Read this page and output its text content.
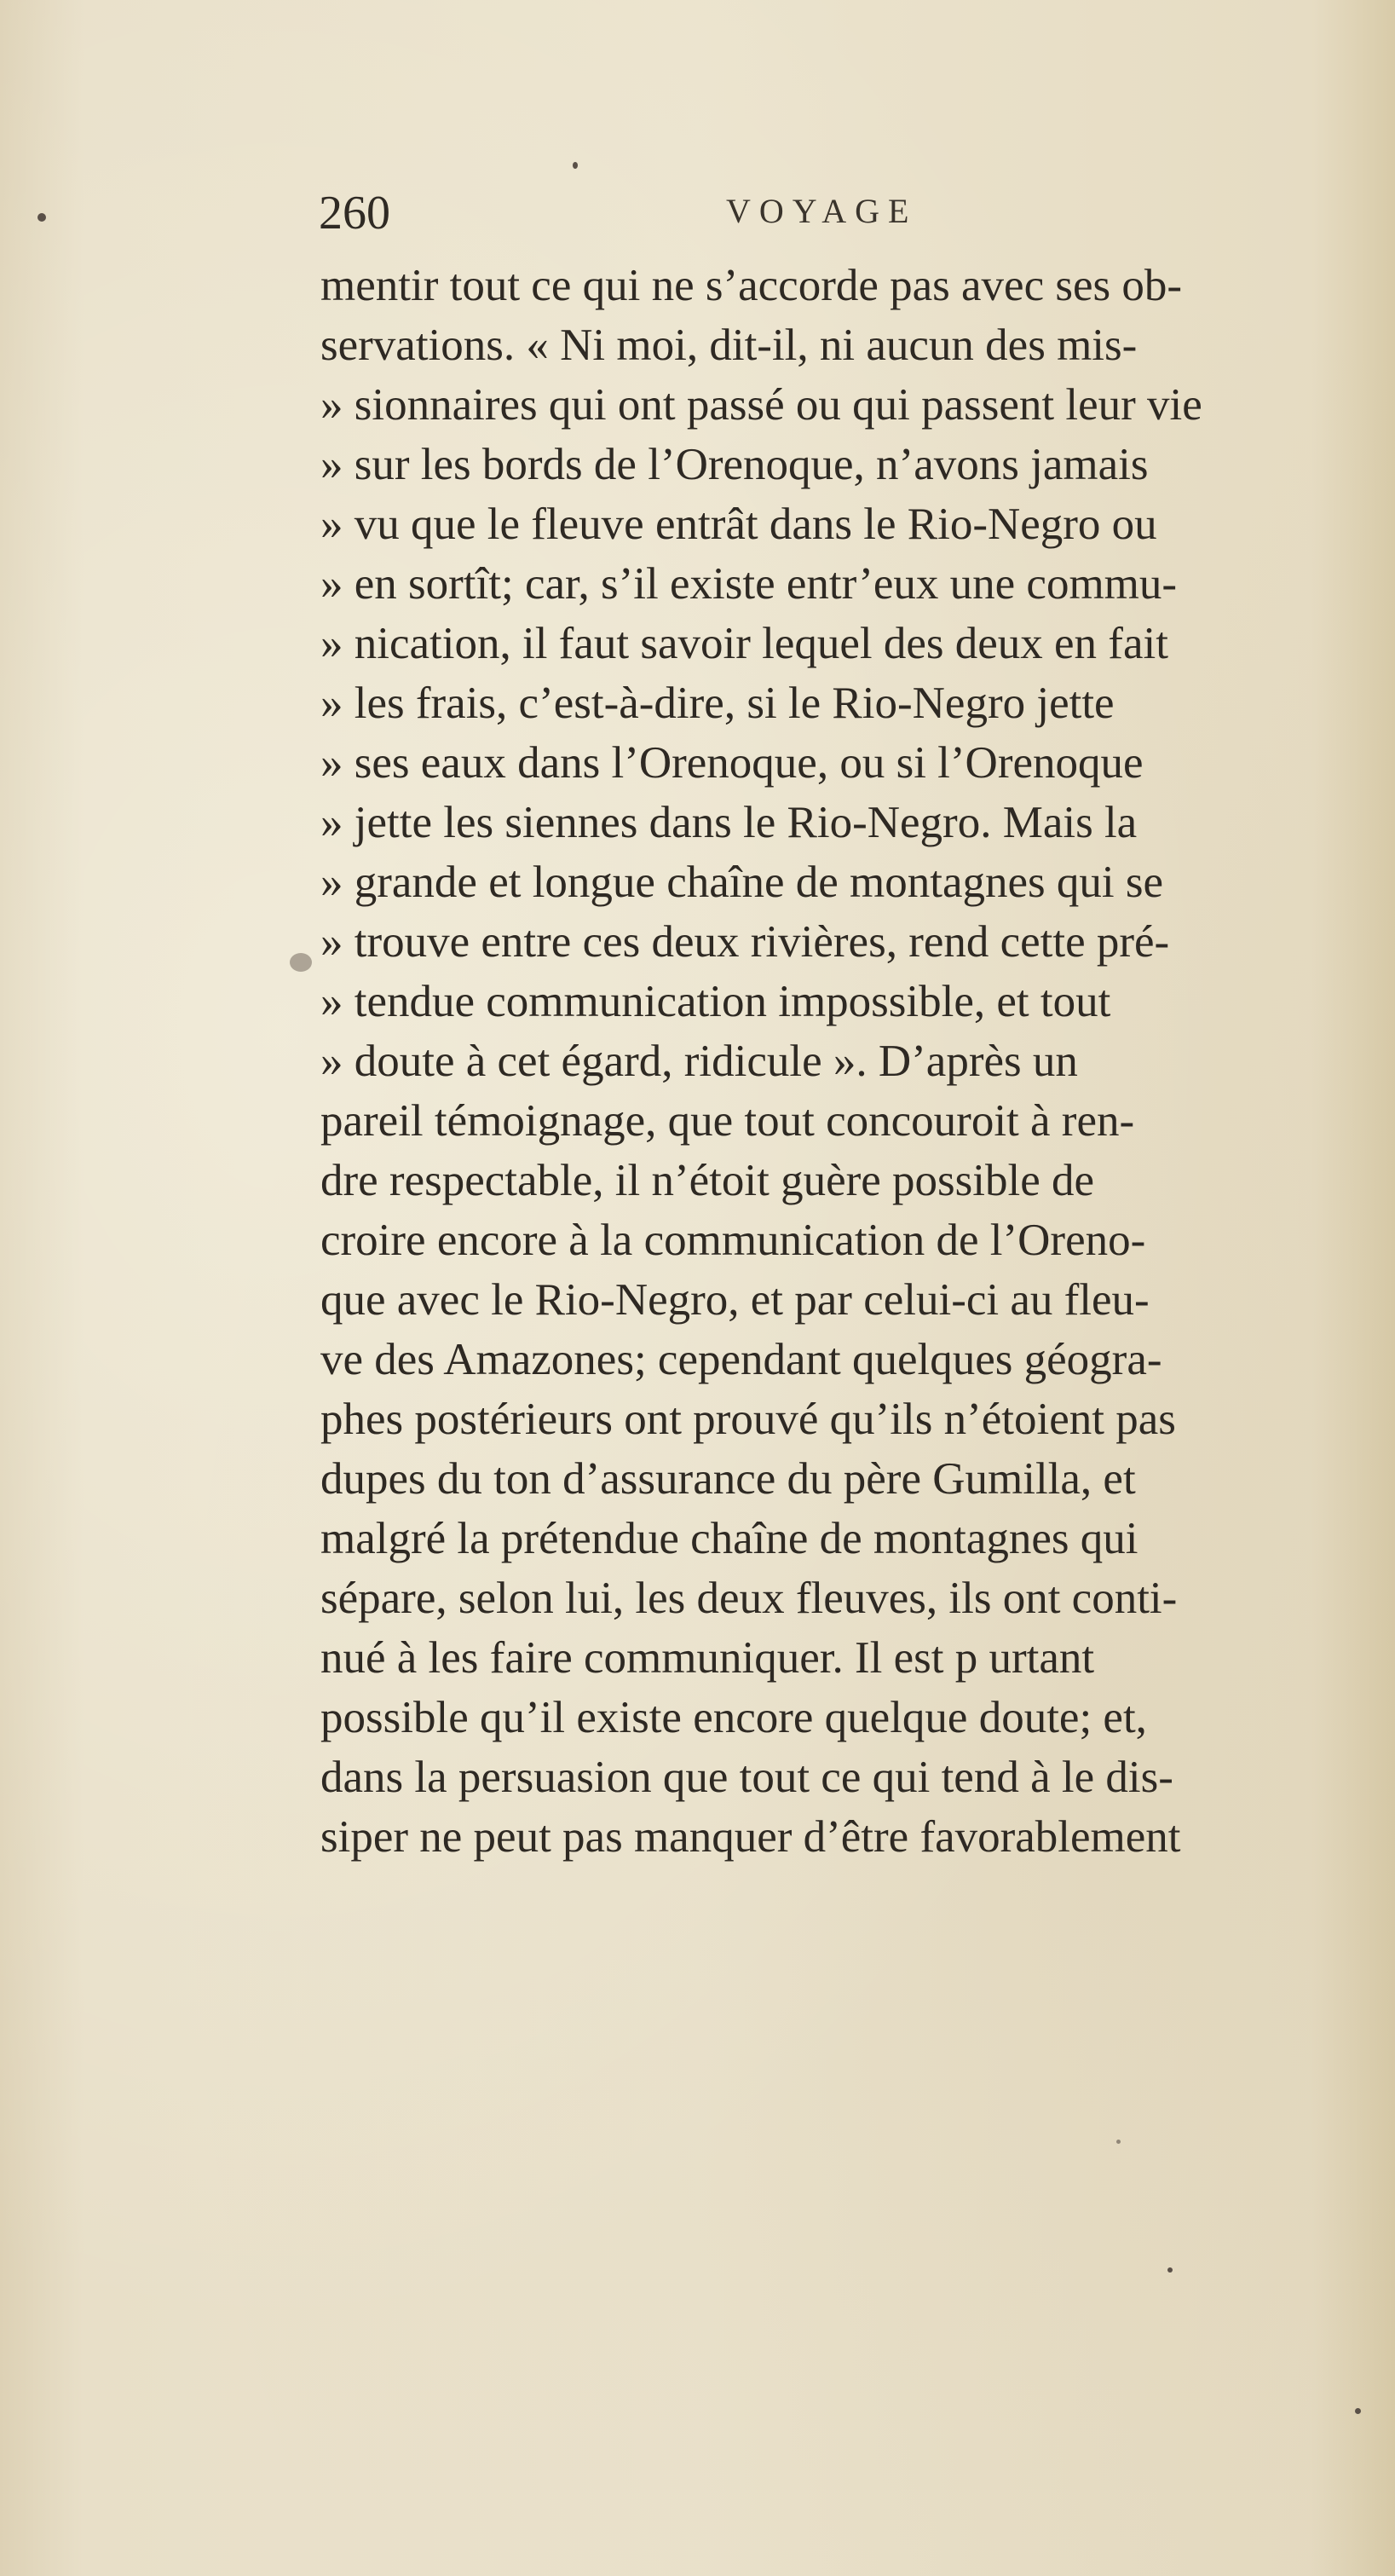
260	VOYAGE
mentir tout ce qui ne s’accorde pas avec ses ob-
servations. « Ni moi, dit-il, ni aucun des mis-
» sionnaires qui ont passé ou qui passent leur vie
» sur les bords de l’Orenoque, n’avons jamais
» vu que le fleuve entrât dans le Rio-Negro ou
» en sortît; car, s’il existe entr’eux une commu-
» nication, il faut savoir lequel des deux en fait
» les frais, c’est-à-dire, si le Rio-Negro jette
» ses eaux dans l’Orenoque, ou si l’Orenoque
» jette les siennes dans le Rio-Negro. Mais la
» grande et longue chaîne de montagnes qui se
» trouve entre ces deux rivières, rend cette pré-
» tendue communication impossible, et tout
» doute à cet égard, ridicule ». D’après un
pareil témoignage, que tout concouroit à ren-
dre respectable, il n’étoit guère possible de
croire encore à la communication de l’Oreno-
que avec le Rio-Negro, et par celui-ci au fleu-
ve des Amazones; cependant quelques géogra-
phes postérieurs ont prouvé qu’ils n’étoient pas
dupes du ton d’assurance du père Gumilla, et
malgré la prétendue chaîne de montagnes qui
sépare, selon lui, les deux fleuves, ils ont conti-
nué à les faire communiquer. Il est p urtant
possible qu’il existe encore quelque doute; et,
dans la persuasion que tout ce qui tend à le dis-
siper ne peut pas manquer d’être favorablement
